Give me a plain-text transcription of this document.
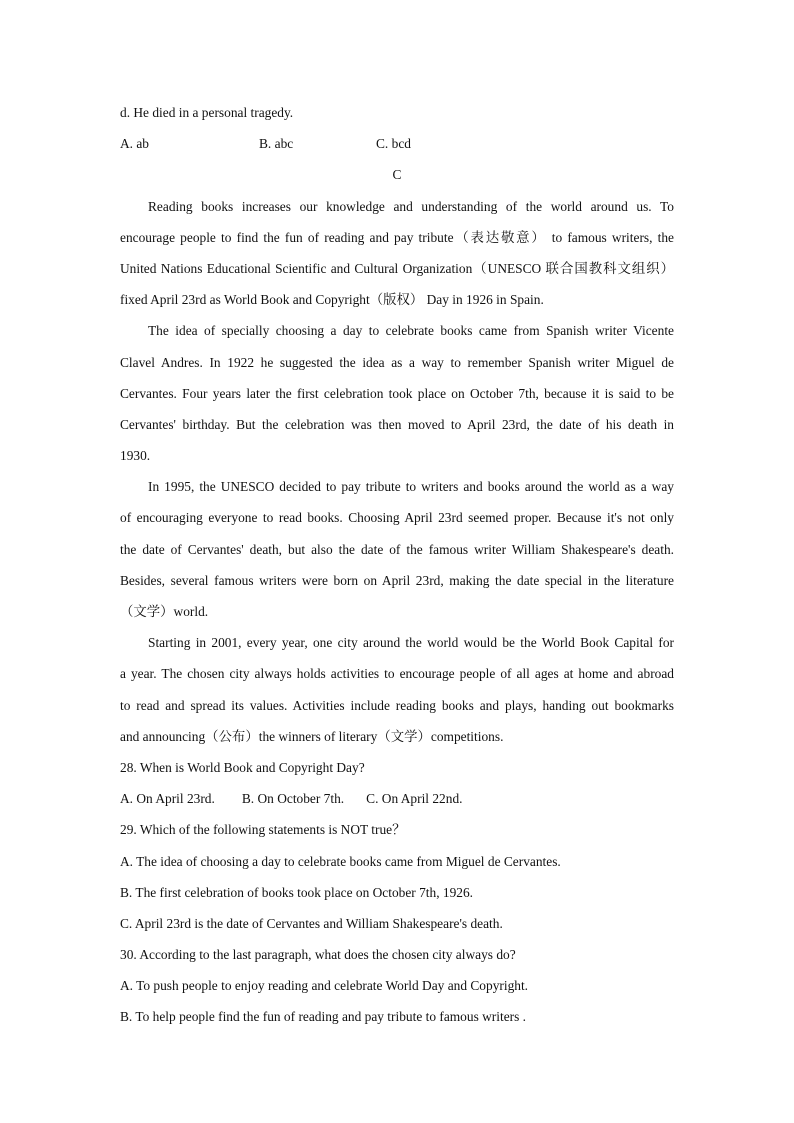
d. He died in a personal tragedy.
A. ab	B. abc	C. bcd
C
Reading books increases our knowledge and understanding of the world around us. To
encourage people to find the fun of reading and pay tribute（表达敬意） to famous writers, the
United Nations Educational Scientific and Cultural Organization（UNESCO 联合国教科文组织）
fixed April 23rd as World Book and Copyright（版权） Day in 1926 in Spain.
The idea of specially choosing a day to celebrate books came from Spanish writer Vicente
Clavel Andres. In 1922 he suggested the idea as a way to remember Spanish writer Miguel de
Cervantes. Four years later the first celebration took place on October 7th, because it is said to be
Cervantes' birthday. But the celebration was then moved to April 23rd, the date of his death in
1930.
In 1995, the UNESCO decided to pay tribute to writers and books around the world as a way
of encouraging everyone to read books. Choosing April 23rd seemed proper. Because it's not only
the date of Cervantes' death, but also the date of the famous writer William Shakespeare's death.
Besides, several famous writers were born on April 23rd, making the date special in the literature
（文学）world.
Starting in 2001, every year, one city around the world would be the World Book Capital for
a year. The chosen city always holds activities to encourage people of all ages at home and abroad
to read and spread its values. Activities include reading books and plays, handing out bookmarks
and announcing（公布）the winners of literary（文学）competitions.
28. When is World Book and Copyright Day?
A. On April 23rd. B. On October 7th. C. On April 22nd.
29. Which of the following statements is NOT true？
A. The idea of choosing a day to celebrate books came from Miguel de Cervantes.
B. The first celebration of books took place on October 7th, 1926.
C. April 23rd is the date of Cervantes and William Shakespeare's death.
30. According to the last paragraph, what does the chosen city always do?
A. To push people to enjoy reading and celebrate World Day and Copyright.
B. To help people find the fun of reading and pay tribute to famous writers .
